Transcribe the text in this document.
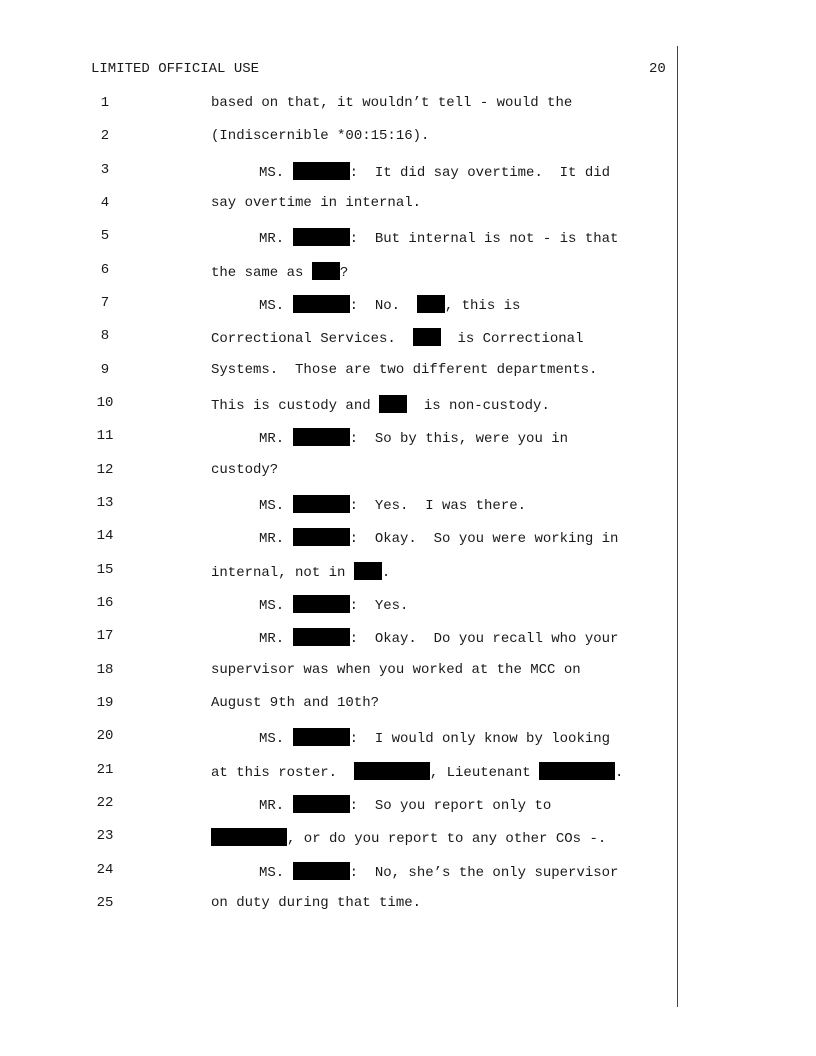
LIMITED OFFICIAL USE	20
1	based on that, it wouldn’t tell - would the
2	(Indiscernible *00:15:16).
3	MS.	:  It did say overtime.  It did
4	say overtime in internal.
5	MR.	:  But internal is not - is that
6	the same as ?
7	MS.	:  No.  , this is
8	Correctional Services.    is Correctional
9	Systems.  Those are two different departments.
10	This is custody and   is non-custody.
11	MR.	:  So by this, were you in
12	custody?
13	MS.	:  Yes.  I was there.
14	MR.	:  Okay.  So you were working in
15	internal, not in .
16	MS.	:  Yes.
17	MR.	:  Okay.  Do you recall who your
18	supervisor was when you worked at the MCC on
19	August 9th and 10th?
20	MS.	:  I would only know by looking
21	at this roster.	, Lieutenant	.
22	MR.	:  So you report only to
23	, or do you report to any other COs -.
24	MS.	:  No, she’s the only supervisor
25	on duty during that time.
